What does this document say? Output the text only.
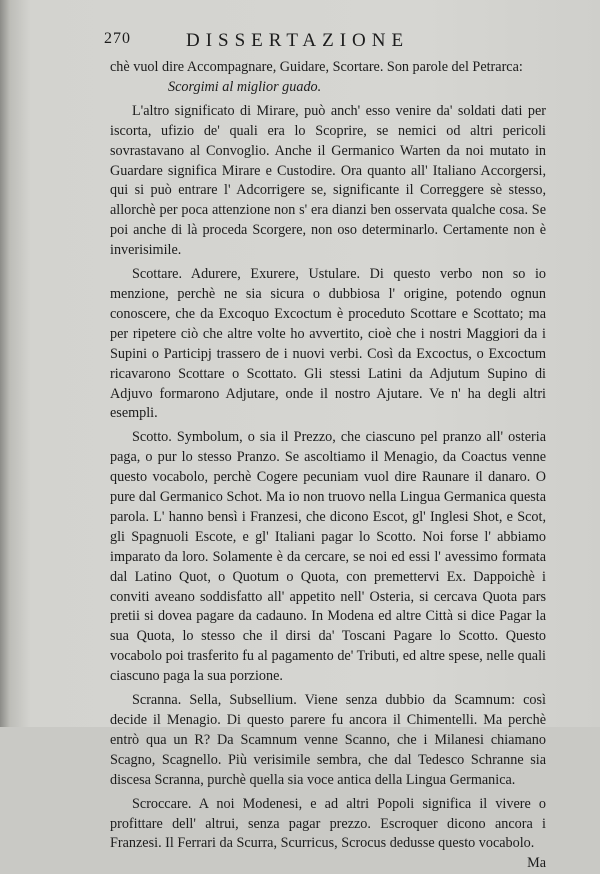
270	DISSERTAZIONE

chè vuol dire Accompagnare, Guidare, Scortare. Son parole del Petrarca:

Scorgimi al miglior guado.

L'altro significato di Mirare, può anch' esso venire da' soldati dati per iscorta, ufizio de' quali era lo Scoprire, se nemici od altri pericoli sovrastavano al Convoglio. Anche il Germanico Warten da noi mutato in Guardare significa Mirare e Custodire. Ora quanto all' Italiano Accorgersi, qui si può entrare l' Adcorrigere se, significante il Correggere sè stesso, allorchè per poca attenzione non s' era dianzi ben osservata qualche cosa. Se poi anche di là proceda Scorgere, non oso determinarlo. Certamente non è inverisimile.

Scottare. Adurere, Exurere, Ustulare. Di questo verbo non so io menzione, perchè ne sia sicura o dubbiosa l' origine, potendo ognun conoscere, che da Excoquo Excoctum è proceduto Scottare e Scottato; ma per ripetere ciò che altre volte ho avvertito, cioè che i nostri Maggiori da i Supini o Participj trassero de i nuovi verbi. Così da Excoctus, o Excoctum ricavarono Scottare o Scottato. Gli stessi Latini da Adjutum Supino di Adjuvo formarono Adjutare, onde il nostro Ajutare. Ve n' ha degli altri esempli.

Scotto. Symbolum, o sia il Prezzo, che ciascuno pel pranzo all' osteria paga, o pur lo stesso Pranzo. Se ascoltiamo il Menagio, da Coactus venne questo vocabolo, perchè Cogere pecuniam vuol dire Raunare il danaro. O pure dal Germanico Schot. Ma io non truovo nella Lingua Germanica questa parola. L' hanno bensì i Franzesi, che dicono Escot, gl' Inglesi Shot, e Scot, gli Spagnuoli Escote, e gl' Italiani pagar lo Scotto. Noi forse l' abbiamo imparato da loro. Solamente è da cercare, se noi ed essi l' avessimo formata dal Latino Quot, o Quotum o Quota, con premettervi Ex. Dappoichè i conviti aveano soddisfatto all' appetito nell' Osteria, si cercava Quota pars pretii si dovea pagare da cadauno. In Modena ed altre Città si dice Pagar la sua Quota, lo stesso che il dirsi da' Toscani Pagare lo Scotto. Questo vocabolo poi trasferito fu al pagamento de' Tributi, ed altre spese, nelle quali ciascuno paga la sua porzione.

Scranna. Sella, Subsellium. Viene senza dubbio da Scamnum: così decide il Menagio. Di questo parere fu ancora il Chimentelli. Ma perchè entrò qua un R? Da Scamnum venne Scanno, che i Milanesi chiamano Scagno, Scagnello. Più verisimile sembra, che dal Tedesco Schranne sia discesa Scranna, purchè quella sia voce antica della Lingua Germanica.

Scroccare. A noi Modenesi, e ad altri Popoli significa il vivere o profittare dell' altrui, senza pagar prezzo. Escroquer dicono ancora i Franzesi. Il Ferrari da Scurra, Scurricus, Scrocus dedusse questo vocabolo.

Ma
